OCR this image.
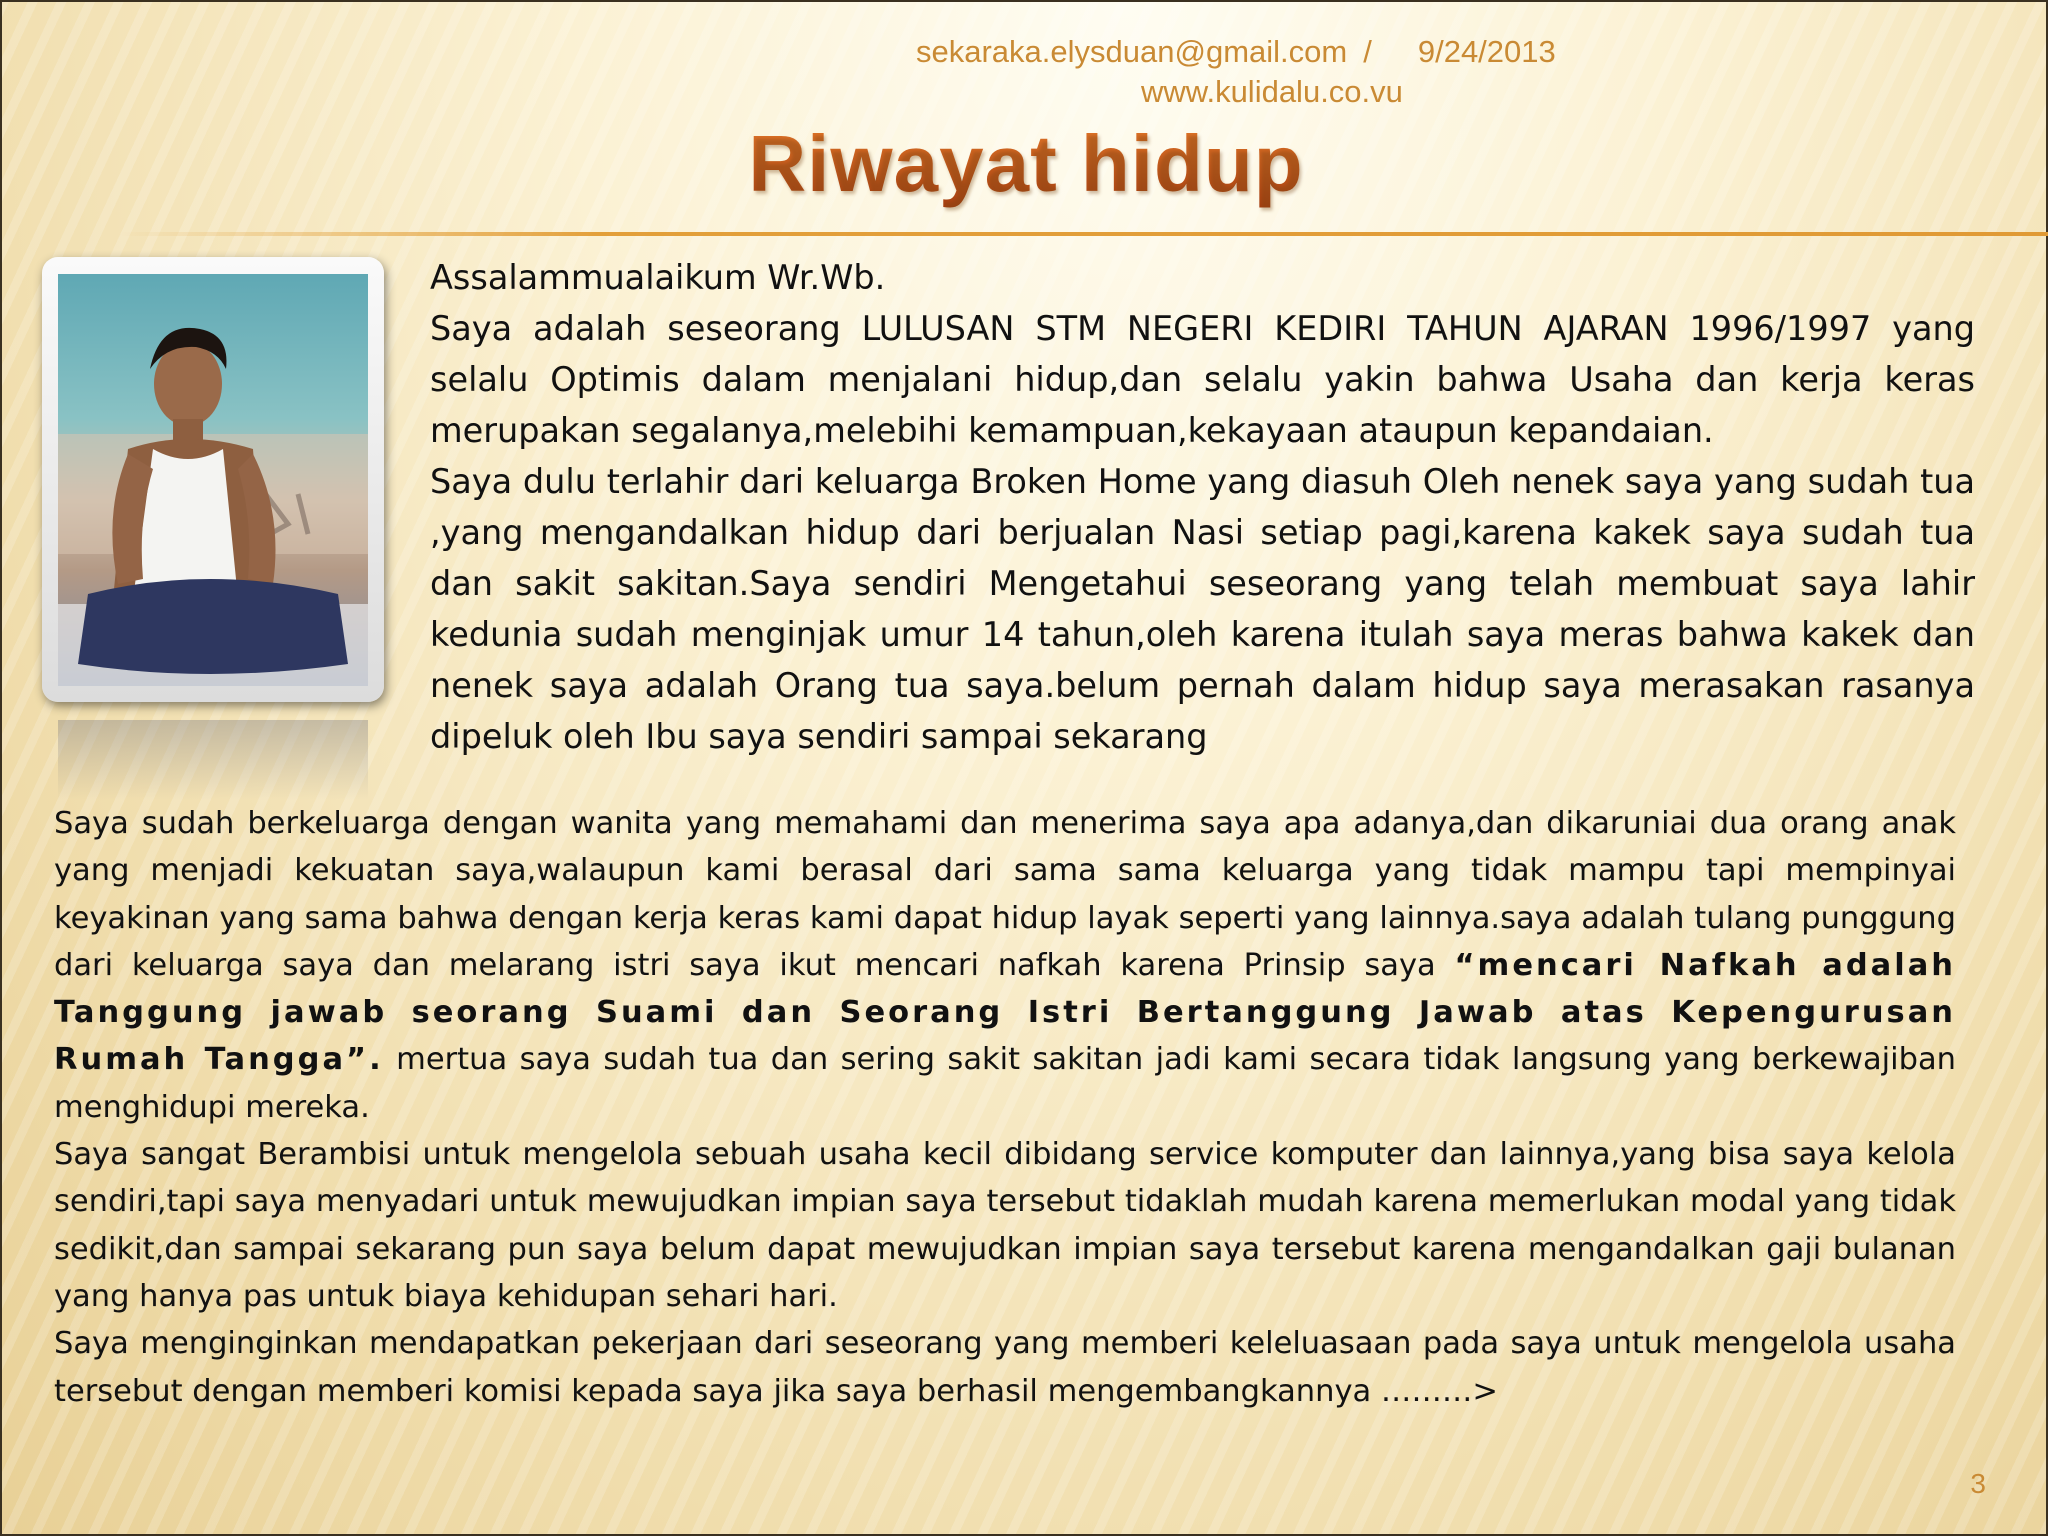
sekaraka.elysduan@gmail.com / 9/24/2013
www.kulidalu.co.vu
Riwayat hidup

Assalammualaikum Wr.Wb.

Saya adalah seseorang LULUSAN STM NEGERI KEDIRI TAHUN AJARAN 1996/1997 yang selalu Optimis dalam menjalani hidup,dan selalu yakin bahwa Usaha dan kerja keras merupakan segalanya,melebihi kemampuan,kekayaan ataupun kepandaian.

Saya dulu terlahir dari keluarga Broken Home yang diasuh Oleh nenek saya yang sudah tua ,yang mengandalkan hidup dari berjualan Nasi setiap pagi,karena kakek saya sudah tua dan sakit sakitan.Saya sendiri Mengetahui seseorang yang telah membuat saya lahir kedunia sudah menginjak umur 14 tahun,oleh karena itulah saya meras bahwa kakek dan nenek saya adalah Orang tua saya.belum pernah dalam hidup saya merasakan rasanya dipeluk oleh Ibu saya sendiri sampai sekarang

Saya sudah berkeluarga dengan wanita yang memahami dan menerima saya apa adanya,dan dikaruniai dua orang anak yang menjadi kekuatan saya,walaupun kami berasal dari sama sama keluarga yang tidak mampu tapi mempinyai keyakinan yang sama bahwa dengan kerja keras kami dapat hidup layak seperti yang lainnya.saya adalah tulang punggung dari keluarga saya dan melarang istri saya ikut mencari nafkah karena Prinsip saya “mencari Nafkah adalah Tanggung jawab seorang Suami dan Seorang Istri Bertanggung Jawab atas Kepengurusan Rumah Tangga”. mertua saya sudah tua dan sering sakit sakitan jadi kami secara tidak langsung yang berkewajiban menghidupi mereka.

Saya sangat Berambisi untuk mengelola sebuah usaha kecil dibidang service komputer dan lainnya,yang bisa saya kelola sendiri,tapi saya menyadari untuk mewujudkan impian saya tersebut tidaklah mudah karena memerlukan modal yang tidak sedikit,dan sampai sekarang pun saya belum dapat mewujudkan impian saya tersebut karena mengandalkan gaji bulanan yang hanya pas untuk biaya kehidupan sehari hari.

Saya menginginkan mendapatkan pekerjaan dari seseorang yang memberi keleluasaan pada saya untuk mengelola usaha tersebut dengan memberi komisi kepada saya jika saya berhasil mengembangkannya ………>

3
